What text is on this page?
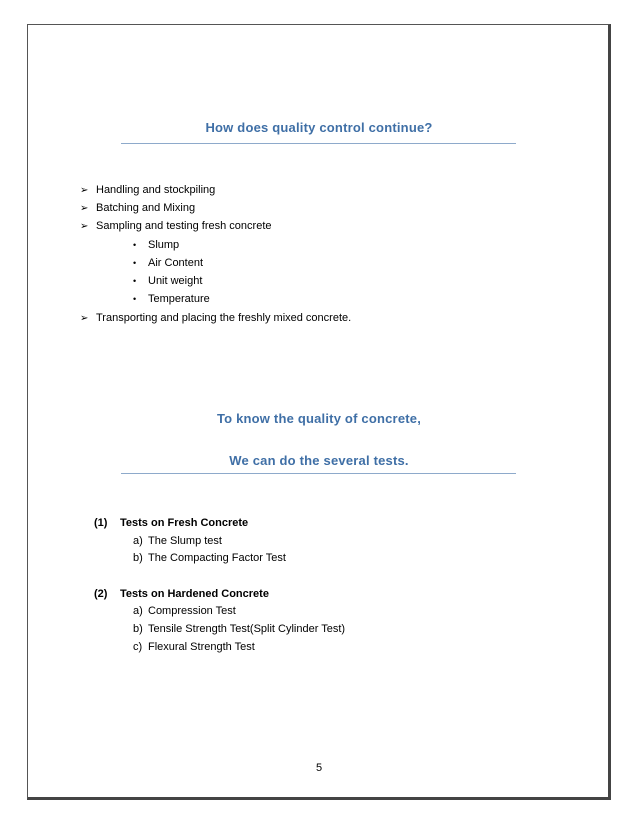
How does quality control continue?
➢ Handling and stockpiling
➢ Batching and Mixing
➢ Sampling and testing fresh concrete
• Slump
• Air Content
• Unit weight
• Temperature
➢ Transporting and placing the freshly mixed concrete.
To know the quality of concrete,
We can do the several tests.
(1) Tests on Fresh Concrete
a) The Slump test
b) The Compacting Factor Test
(2) Tests on Hardened Concrete
a) Compression Test
b) Tensile Strength Test(Split Cylinder Test)
c) Flexural Strength Test
5
